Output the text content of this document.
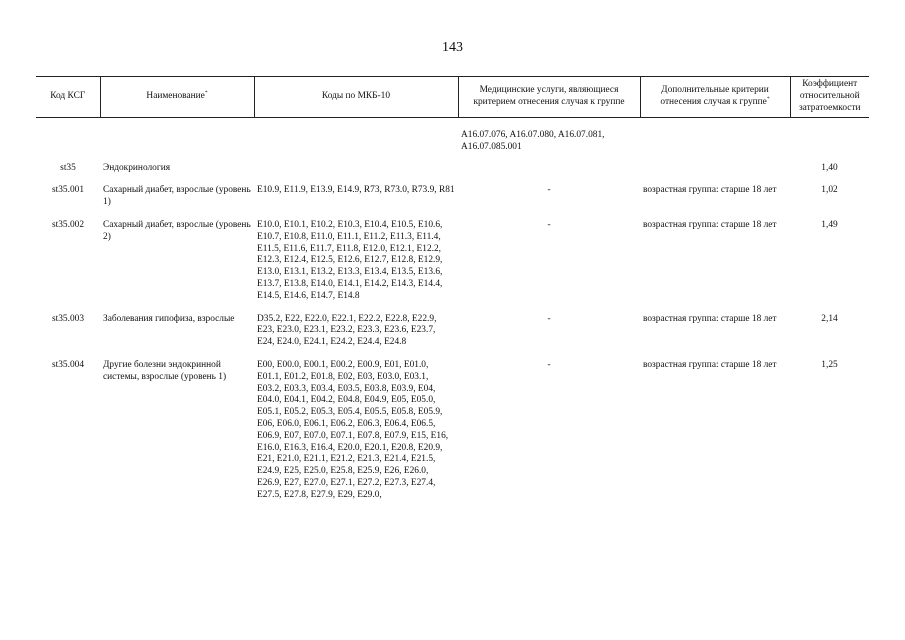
143
Код КСГ	Наименование*	Коды по МКБ-10	Медицинские услуги, являющиеся критерием отнесения случая к группе	Дополнительные критерии отнесения случая к группе*	Коэффициент относительной затратоемкости

			A16.07.076, A16.07.080, A16.07.081, A16.07.085.001		
st35	Эндокринология				1,40
st35.001	Сахарный диабет, взрослые (уровень 1)	E10.9, E11.9, E13.9, E14.9, R73, R73.0, R73.9, R81	-	возрастная группа: старше 18 лет	1,02
st35.002	Сахарный диабет, взрослые (уровень 2)	E10.0, E10.1, E10.2, E10.3, E10.4, E10.5, E10.6, E10.7, E10.8, E11.0, E11.1, E11.2, E11.3, E11.4, E11.5, E11.6, E11.7, E11.8, E12.0, E12.1, E12.2, E12.3, E12.4, E12.5, E12.6, E12.7, E12.8, E12.9, E13.0, E13.1, E13.2, E13.3, E13.4, E13.5, E13.6, E13.7, E13.8, E14.0, E14.1, E14.2, E14.3, E14.4, E14.5, E14.6, E14.7, E14.8	-	возрастная группа: старше 18 лет	1,49
st35.003	Заболевания гипофиза, взрослые	D35.2, E22, E22.0, E22.1, E22.2, E22.8, E22.9, E23, E23.0, E23.1, E23.2, E23.3, E23.6, E23.7, E24, E24.0, E24.1, E24.2, E24.4, E24.8	-	возрастная группа: старше 18 лет	2,14
st35.004	Другие болезни эндокринной системы, взрослые (уровень 1)	E00, E00.0, E00.1, E00.2, E00.9, E01, E01.0, E01.1, E01.2, E01.8, E02, E03, E03.0, E03.1, E03.2, E03.3, E03.4, E03.5, E03.8, E03.9, E04, E04.0, E04.1, E04.2, E04.8, E04.9, E05, E05.0, E05.1, E05.2, E05.3, E05.4, E05.5, E05.8, E05.9, E06, E06.0, E06.1, E06.2, E06.3, E06.4, E06.5, E06.9, E07, E07.0, E07.1, E07.8, E07.9, E15, E16, E16.0, E16.3, E16.4, E20.0, E20.1, E20.8, E20.9, E21, E21.0, E21.1, E21.2, E21.3, E21.4, E21.5, E24.9, E25, E25.0, E25.8, E25.9, E26, E26.0, E26.9, E27, E27.0, E27.1, E27.2, E27.3, E27.4, E27.5, E27.8, E27.9, E29, E29.0,	-	возрастная группа: старше 18 лет	1,25
